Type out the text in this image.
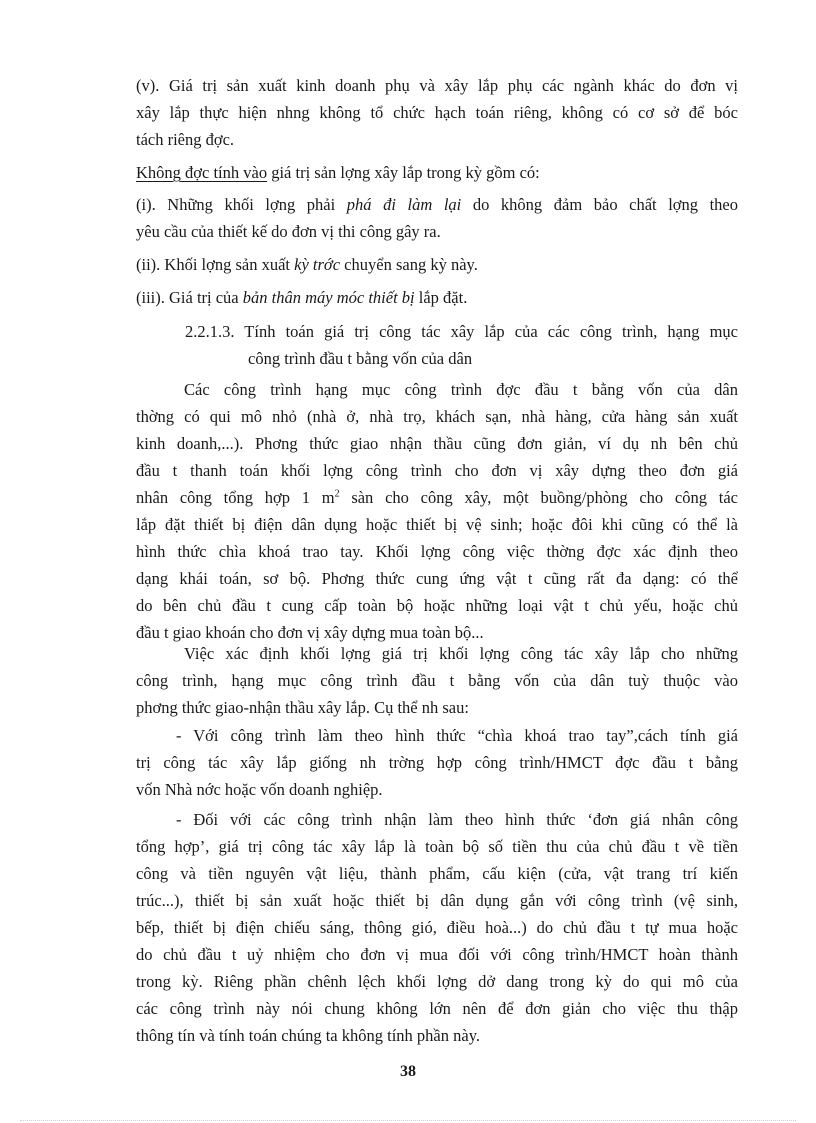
(v). Giá trị sản xuất kinh doanh phụ và xây lắp phụ các ngành khác do đơn vị
xây lắp thực hiện nhng không tổ chức hạch toán riêng, không có cơ sở để bóc
tách riêng đợc.
Không đợc tính vào giá trị sản lợng xây lắp trong kỳ gồm có:
(i). Những khối lợng phải phá đi làm lại do không đảm bảo chất lợng theo
yêu cầu của thiết kế do đơn vị thi công gây ra.
(ii). Khối lợng sản xuất kỳ trớc chuyển sang kỳ này.
(iii). Giá trị của bản thân máy móc thiết bị lắp đặt.
2.2.1.3. Tính toán giá trị công tác xây lắp của các công trình, hạng mục
công trình đầu t bằng vốn của dân
Các công trình hạng mục công trình đợc đầu t bằng vốn của dân
thờng có qui mô nhỏ (nhà ở, nhà trọ, khách sạn, nhà hàng, cửa hàng sản xuất
kinh doanh,...). Phơng thức giao nhận thầu cũng đơn giản, ví dụ nh bên chủ
đầu t thanh toán khối lợng công trình cho đơn vị xây dựng theo đơn giá
nhân công tổng hợp 1 $m^2$ sàn cho công xây, một buồng/phòng cho công tác
lắp đặt thiết bị điện dân dụng hoặc thiết bị vệ sinh; hoặc đôi khi cũng có thể là
hình thức chìa khoá trao tay. Khối lợng công việc thờng đợc xác định theo
dạng khái toán, sơ bộ. Phơng thức cung ứng vật t cũng rất đa dạng: có thể
do bên chủ đầu t cung cấp toàn bộ hoặc những loại vật t chủ yếu, hoặc chủ
đầu t giao khoán cho đơn vị xây dựng mua toàn bộ...
Việc xác định khối lợng giá trị khối lợng công tác xây lắp cho những
công trình, hạng mục công trình đầu t bằng vốn của dân tuỳ thuộc vào
phơng thức giao-nhận thầu xây lắp. Cụ thể nh sau:
- Với công trình làm theo hình thức “chìa khoá trao tay”,cách tính giá
trị công tác xây lắp giống nh trờng hợp công trình/HMCT đợc đầu t bằng
vốn Nhà nớc hoặc vốn doanh nghiệp.
- Đối với các công trình nhận làm theo hình thức ‘đơn giá nhân công
tổng hợp’, giá trị công tác xây lắp là toàn bộ số tiền thu của chủ đầu t về tiền
công và tiền nguyên vật liệu, thành phẩm, cấu kiện (cửa, vật trang trí kiến
trúc...), thiết bị sản xuất hoặc thiết bị dân dụng gắn với công trình (vệ sinh,
bếp, thiết bị điện chiếu sáng, thông gió, điều hoà...) do chủ đầu t tự mua hoặc
do chủ đầu t uỷ nhiệm cho đơn vị mua đối với công trình/HMCT hoàn thành
trong kỳ. Riêng phần chênh lệch khối lợng dở dang trong kỳ do qui mô của
các công trình này nói chung không lớn nên để đơn giản cho việc thu thập
thông tín và tính toán chúng ta không tính phần này.
38
